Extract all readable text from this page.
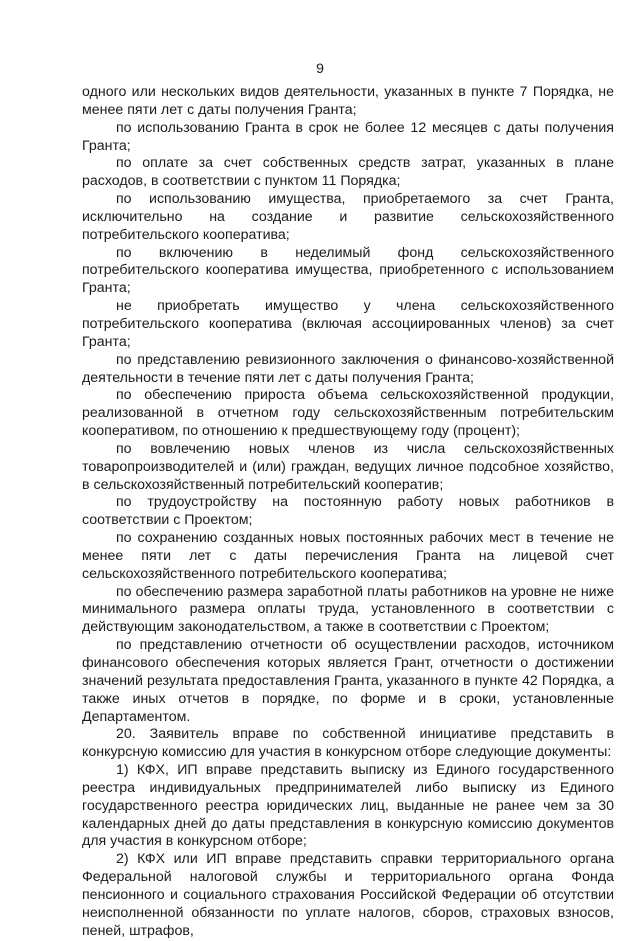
9

одного или нескольких видов деятельности, указанных в пункте 7 Порядка, не менее пяти лет с даты получения Гранта;

по использованию Гранта в срок не более 12 месяцев с даты получения Гранта;

по оплате за счет собственных средств затрат, указанных в плане расходов, в соответствии с пунктом 11 Порядка;

по использованию имущества, приобретаемого за счет Гранта, исключительно на создание и развитие сельскохозяйственного потребительского кооператива;

по включению в неделимый фонд сельскохозяйственного потребительского кооператива имущества, приобретенного с использованием Гранта;

не приобретать имущество у члена сельскохозяйственного потребительского кооператива (включая ассоциированных членов) за счет Гранта;

по представлению ревизионного заключения о финансово-хозяйственной деятельности в течение пяти лет с даты получения Гранта;

по обеспечению прироста объема сельскохозяйственной продукции, реализованной в отчетном году сельскохозяйственным потребительским кооперативом, по отношению к предшествующему году (процент);

по вовлечению новых членов из числа сельскохозяйственных товаропроизводителей и (или) граждан, ведущих личное подсобное хозяйство, в сельскохозяйственный потребительский кооператив;

по трудоустройству на постоянную работу новых работников в соответствии с Проектом;

по сохранению созданных новых постоянных рабочих мест в течение не менее пяти лет с даты перечисления Гранта на лицевой счет сельскохозяйственного потребительского кооператива;

по обеспечению размера заработной платы работников на уровне не ниже минимального размера оплаты труда, установленного в соответствии с действующим законодательством, а также в соответствии с Проектом;

по представлению отчетности об осуществлении расходов, источником финансового обеспечения которых является Грант, отчетности о достижении значений результата предоставления Гранта, указанного в пункте 42 Порядка, а также иных отчетов в порядке, по форме и в сроки, установленные Департаментом.

20. Заявитель вправе по собственной инициативе представить в конкурсную комиссию для участия в конкурсном отборе следующие документы:

1) КФХ, ИП вправе представить выписку из Единого государственного реестра индивидуальных предпринимателей либо выписку из Единого государственного реестра юридических лиц, выданные не ранее чем за 30 календарных дней до даты представления в конкурсную комиссию документов для участия в конкурсном отборе;

2) КФХ или ИП вправе представить справки территориального органа Федеральной налоговой службы и территориального органа Фонда пенсионного и социального страхования Российской Федерации об отсутствии неисполненной обязанности по уплате налогов, сборов, страховых взносов, пеней, штрафов,
